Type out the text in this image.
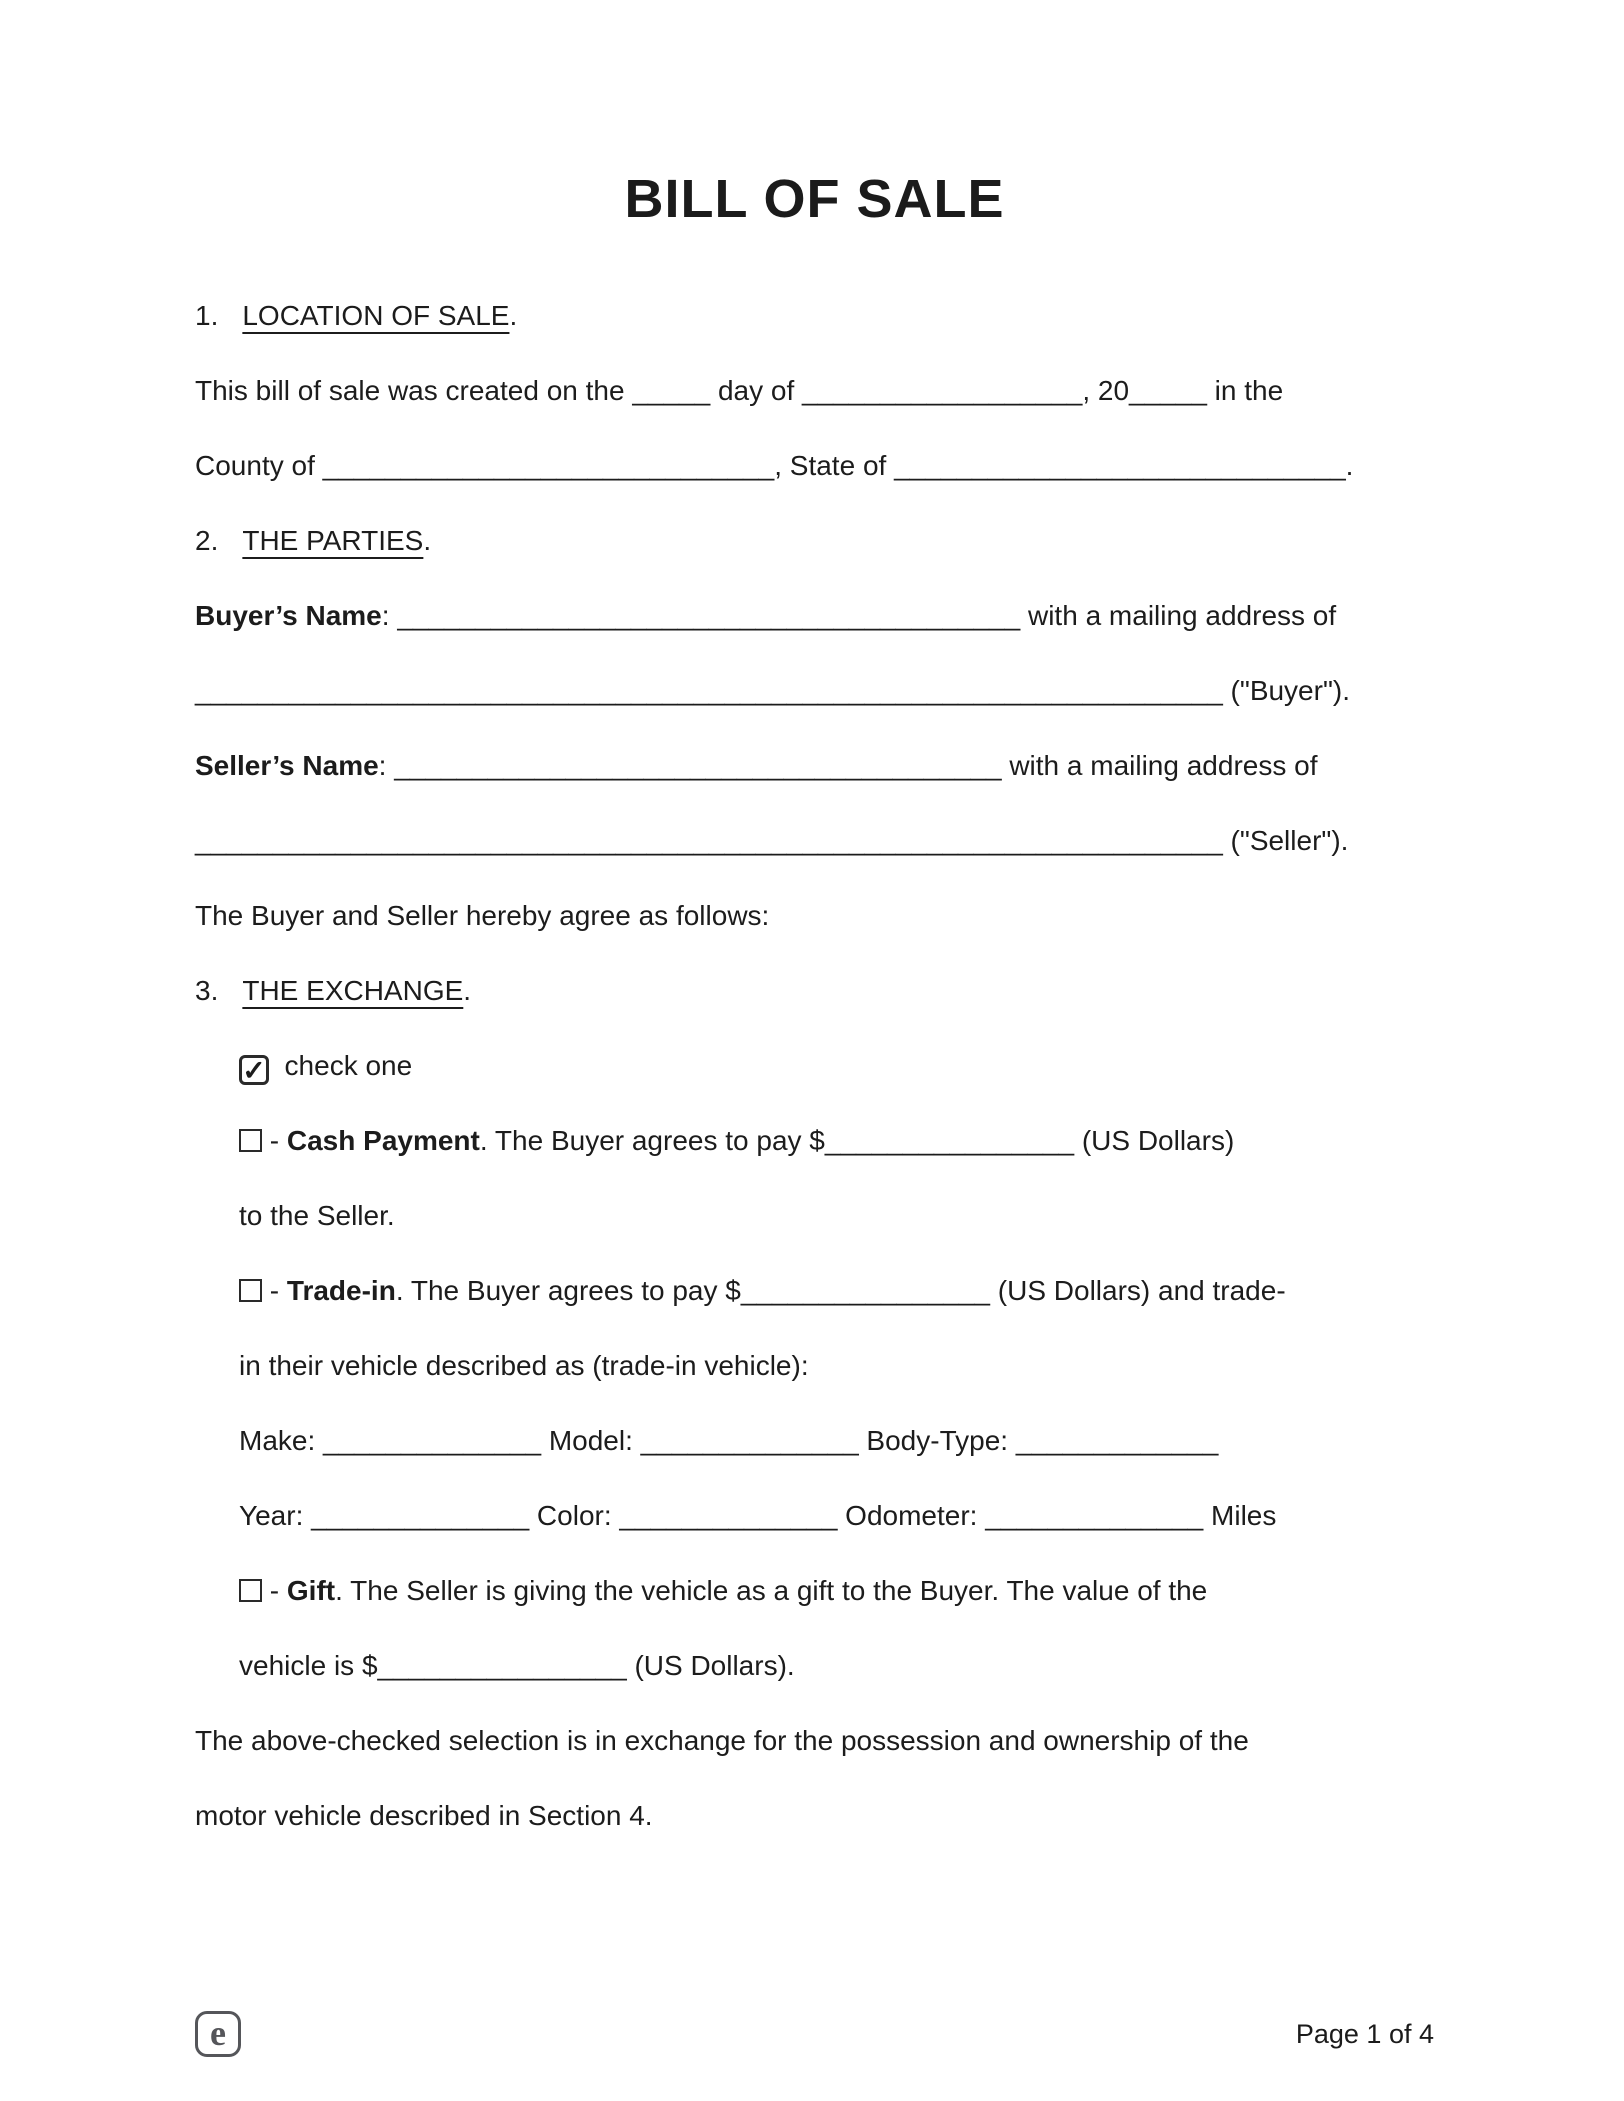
BILL OF SALE
1. LOCATION OF SALE.
This bill of sale was created on the _____ day of __________________, 20_____ in the
County of _____________________________, State of _____________________________.
2. THE PARTIES.
Buyer’s Name: ________________________________________ with a mailing address of
__________________________________________________________________ ("Buyer").
Seller’s Name: _______________________________________ with a mailing address of
__________________________________________________________________ ("Seller").
The Buyer and Seller hereby agree as follows:
3. THE EXCHANGE.
✓  check one
- Cash Payment. The Buyer agrees to pay $________________ (US Dollars)
to the Seller.
- Trade-in. The Buyer agrees to pay $________________ (US Dollars) and trade-
in their vehicle described as (trade-in vehicle):
Make: ______________ Model: ______________ Body-Type: _____________
Year: ______________ Color: ______________ Odometer: ______________ Miles
- Gift. The Seller is giving the vehicle as a gift to the Buyer. The value of the
vehicle is $________________ (US Dollars).
The above-checked selection is in exchange for the possession and ownership of the
motor vehicle described in Section 4.
e	Page 1 of 4
